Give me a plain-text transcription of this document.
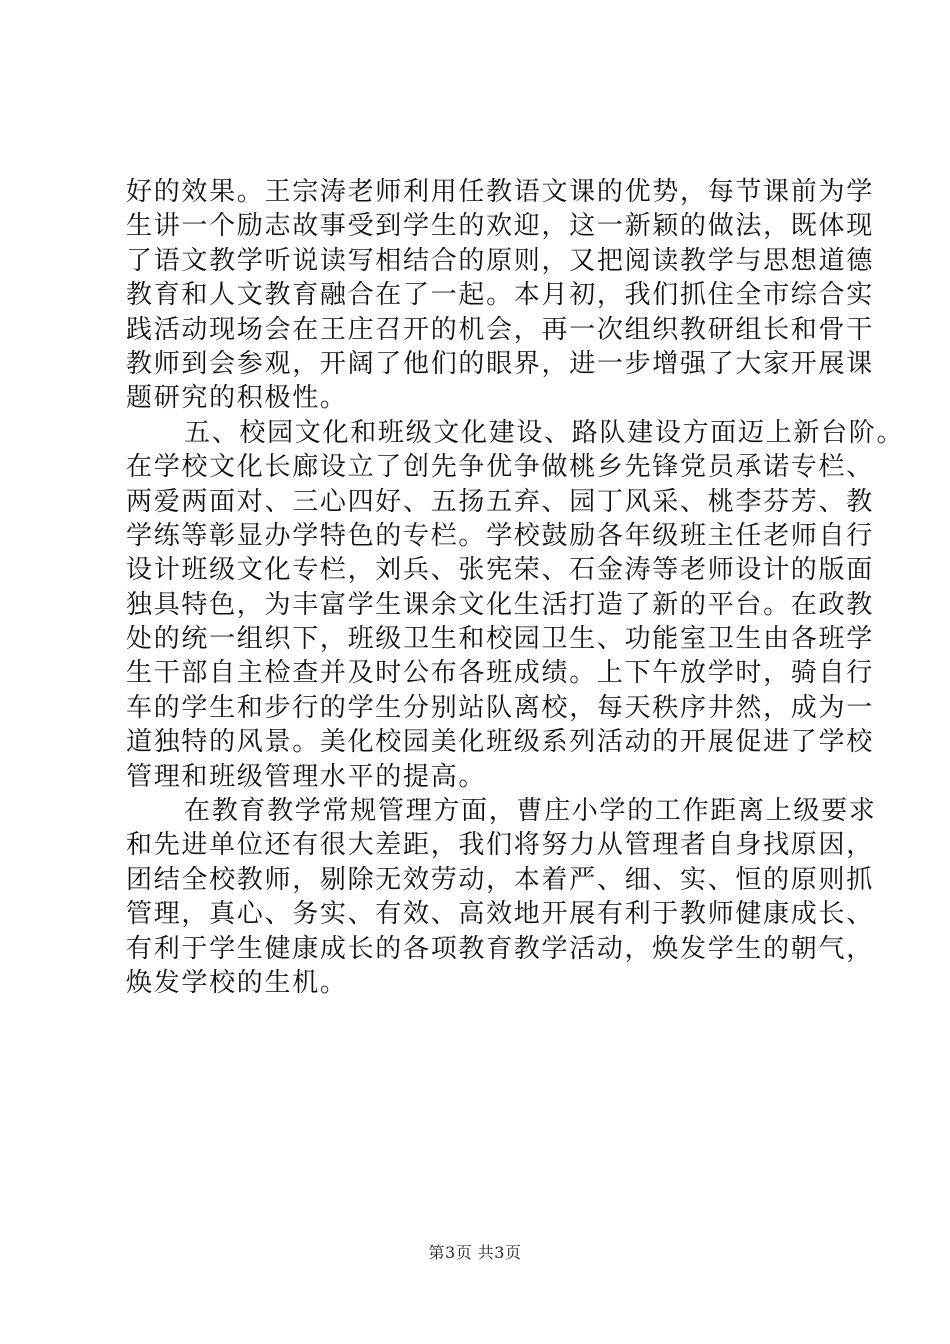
好的效果。王宗涛老师利用任教语文课的优势，每节课前为学
生讲一个励志故事受到学生的欢迎，这一新颖的做法，既体现
了语文教学听说读写相结合的原则，又把阅读教学与思想道德
教育和人文教育融合在了一起。本月初，我们抓住全市综合实
践活动现场会在王庄召开的机会，再一次组织教研组长和骨干
教师到会参观，开阔了他们的眼界，进一步增强了大家开展课
题研究的积极性。
五、校园文化和班级文化建设、路队建设方面迈上新台阶。
在学校文化长廊设立了创先争优争做桃乡先锋党员承诺专栏、
两爱两面对、三心四好、五扬五弃、园丁风采、桃李芬芳、教
学练等彰显办学特色的专栏。学校鼓励各年级班主任老师自行
设计班级文化专栏，刘兵、张宪荣、石金涛等老师设计的版面
独具特色，为丰富学生课余文化生活打造了新的平台。在政教
处的统一组织下，班级卫生和校园卫生、功能室卫生由各班学
生干部自主检查并及时公布各班成绩。上下午放学时，骑自行
车的学生和步行的学生分别站队离校，每天秩序井然，成为一
道独特的风景。美化校园美化班级系列活动的开展促进了学校
管理和班级管理水平的提高。
在教育教学常规管理方面，曹庄小学的工作距离上级要求
和先进单位还有很大差距，我们将努力从管理者自身找原因，
团结全校教师，剔除无效劳动，本着严、细、实、恒的原则抓
管理，真心、务实、有效、高效地开展有利于教师健康成长、
有利于学生健康成长的各项教育教学活动，焕发学生的朝气，
焕发学校的生机。
第3页 共3页
